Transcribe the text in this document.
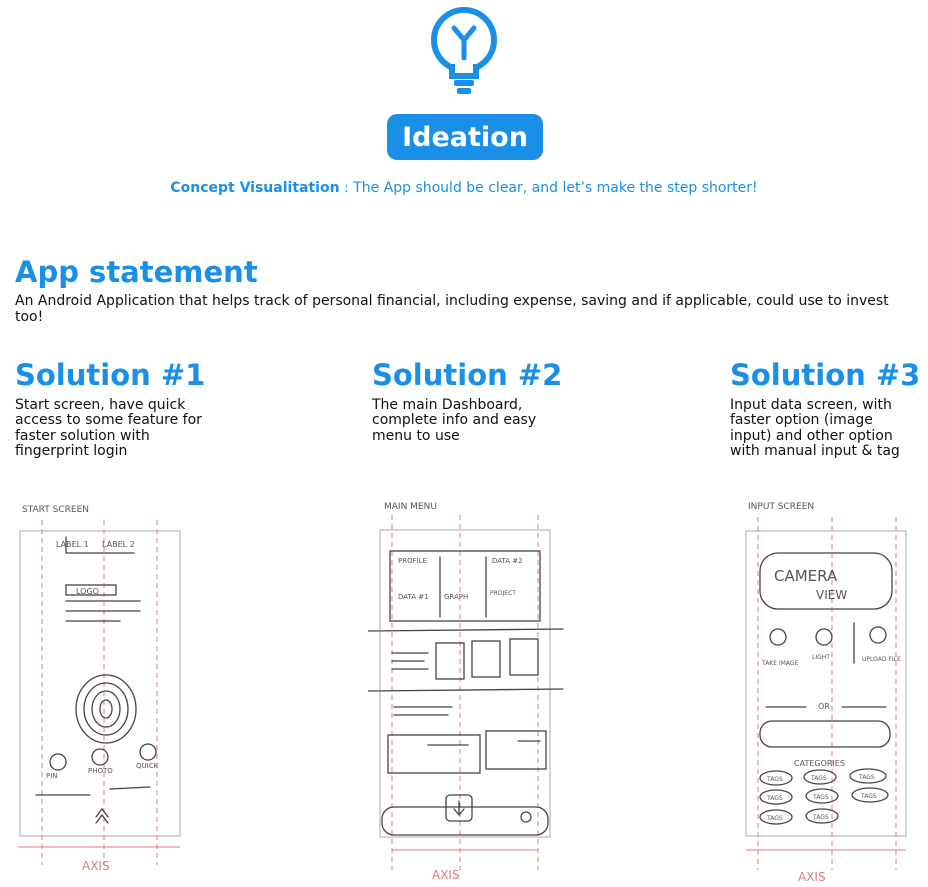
Ideation
Concept Visualitation : The App should be clear, and let’s make the step shorter!
App statement
An Android Application that helps track of personal financial, including expense, saving and if applicable, could use to invest too!
Solution #1
Start screen, have quick access to some feature for faster solution with fingerprint login
Solution #2
The main Dashboard, complete info and easy menu to use
Solution #3
Input data screen, with faster option (image input) and other option with manual input & tag
START SCREEN
AXIS
LABEL 1 LABEL 2
LOGO
PIN
PHOTO
QUICK
MAIN MENU
AXIS
PROFILE	DATA #2
DATA #1 GRAPH	PROJECT
INPUT SCREEN
AXIS
CAMERA
VIEW
TAKE IMAGE
LIGHT	UPLOAD FILE
OR
CATEGORIES
TAGS	TAGS	TAGS
TAGS	TAGS	TAGS
TAGS	TAGS
